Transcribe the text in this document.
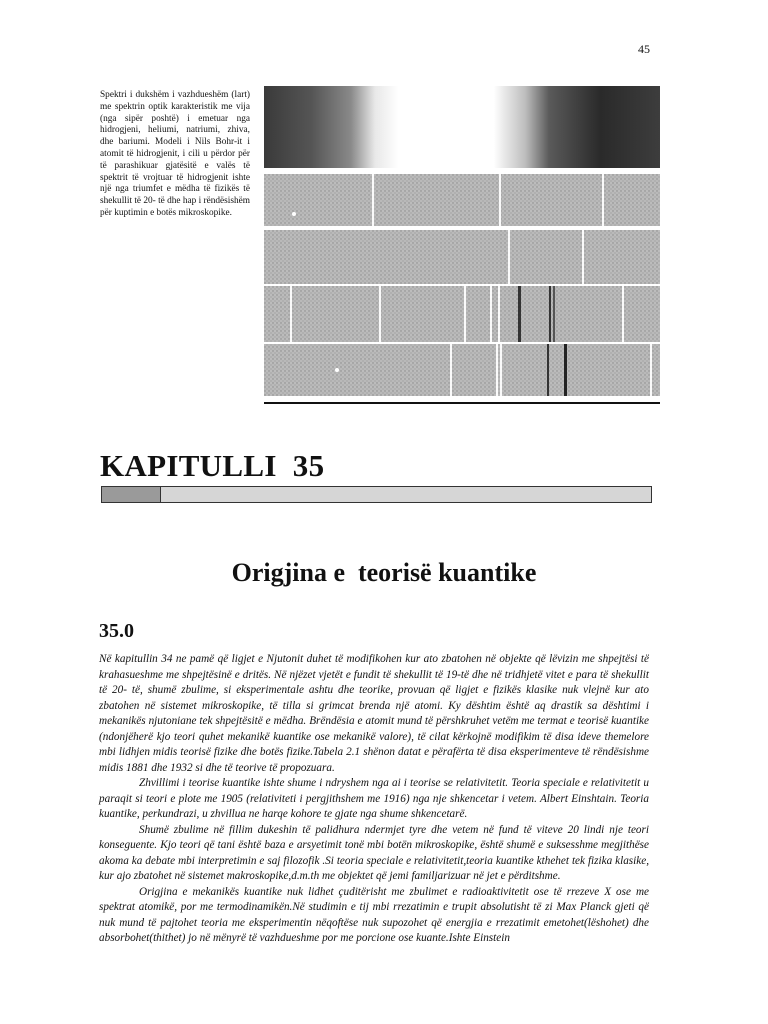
45
Spektri i dukshëm i vazhdueshëm (lart) me spektrin optik karakteristik me vija (nga sipër poshtë) i emetuar nga hidrogjeni, heliumi, natriumi, zhiva, dhe bariumi. Modeli i Nils Bohr-it i atomit të hidrogjenit, i cili u përdor për të parashikuar gjatësitë e valës të spektrit të vrojtuar të hidrogjenit ishte një nga triumfet e mëdha të fizikës të shekullit të 20- të dhe hap i rëndësishëm për kuptimin e botës mikroskopike.
KAPITULLI  35
Origjina e  teorisë kuantike
35.0

Në kapitullin 34 ne pamë që ligjet e Njutonit duhet të modifikohen kur ato zbatohen në objekte që lëvizin me shpejtësi të krahasueshme me shpejtësinë e dritës. Në njëzet vjetët e fundit të shekullit të 19-të dhe në tridhjetë vitet e para të shekullit të 20- të, shumë zbulime, si eksperimentale ashtu dhe teorike, provuan që ligjet e fizikës klasike nuk vlejnë kur ato zbatohen në sistemet mikroskopike, të tilla si grimcat brenda një atomi. Ky dështim është aq drastik sa dështimi i mekanikës njutoniane tek shpejtësitë e mëdha. Brëndësia e atomit mund të përshkruhet vetëm me termat e teorisë kuantike (ndonjëherë kjo teori quhet mekanikë kuantike ose mekanikë valore), të cilat kërkojnë modifikim të disa ideve themelore mbi lidhjen midis teorisë fizike dhe botës fizike.Tabela 2.1 shënon datat e përafërta të disa eksperimenteve të rëndësishme midis 1881 dhe 1932 si dhe të teorive të propozuara.

Zhvillimi i teorise kuantike ishte shume i ndryshem nga ai i teorise se relativitetit. Teoria speciale e relativitetit u paraqit si teori e plote me 1905 (relativiteti i pergjithshem me 1916) nga nje shkencetar i vetem. Albert Einshtain. Teoria kuantike, perkundrazi, u zhvillua ne harqe kohore te gjate nga shume shkencetarë.

Shumë zbulime në fillim dukeshin të palidhura ndermjet tyre dhe vetem në fund të viteve 20 lindi nje teori konseguente. Kjo teori që tani është baza e arsyetimit tonë mbi botën mikroskopike, është shumë e suksesshme megjithëse akoma ka debate mbi interpretimin e saj filozofik .Si teoria speciale e relativitetit,teoria kuantike kthehet tek fizika klasike, kur ajo zbatohet në sistemet makroskopike,d.m.th me objektet që jemi familjarizuar në jet e përditshme.

Origjina e mekanikës kuantike nuk lidhet çuditërisht me zbulimet e radioaktivitetit ose të rrezeve X ose me spektrat atomikë, por me termodinamikën.Në studimin e tij mbi rrezatimin e trupit absolutisht të zi Max Planck gjeti që nuk mund të pajtohet teoria me eksperimentin nëqoftëse nuk supozohet që energjia e rrezatimit emetohet(lëshohet) dhe absorbohet(thithet) jo në mënyrë të vazhdueshme por me porcione ose kuante.Ishte Einstein
